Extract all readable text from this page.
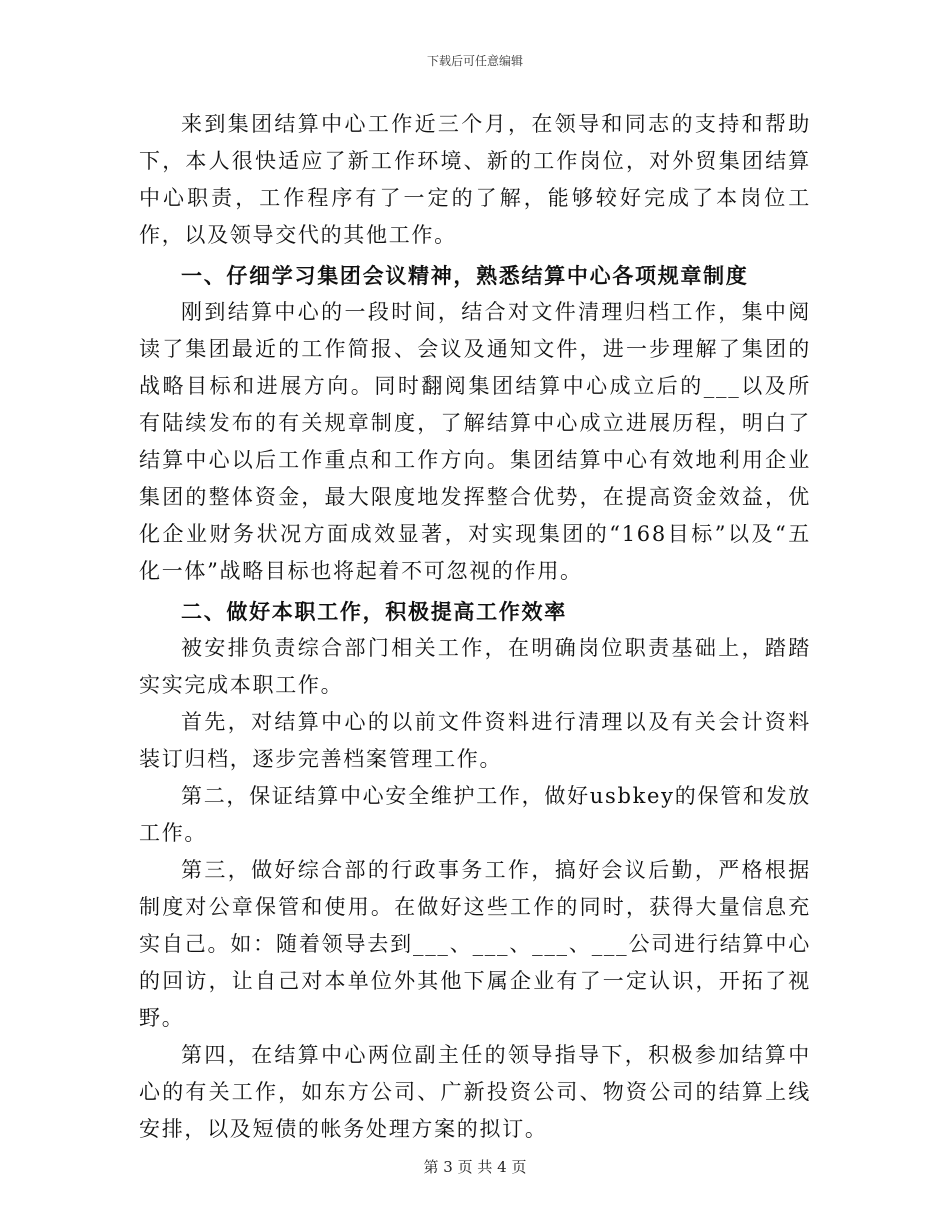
下载后可任意编辑

来到集团结算中心工作近三个月，在领导和同志的支持和帮助下，本人很快适应了新工作环境、新的工作岗位，对外贸集团结算中心职责，工作程序有了一定的了解，能够较好完成了本岗位工作，以及领导交代的其他工作。

一、仔细学习集团会议精神，熟悉结算中心各项规章制度

刚到结算中心的一段时间，结合对文件清理归档工作，集中阅读了集团最近的工作简报、会议及通知文件，进一步理解了集团的战略目标和进展方向。同时翻阅集团结算中心成立后的___以及所有陆续发布的有关规章制度，了解结算中心成立进展历程，明白了结算中心以后工作重点和工作方向。集团结算中心有效地利用企业集团的整体资金，最大限度地发挥整合优势，在提高资金效益，优化企业财务状况方面成效显著，对实现集团的“168目标”以及“五化一体”战略目标也将起着不可忽视的作用。

二、做好本职工作，积极提高工作效率

被安排负责综合部门相关工作，在明确岗位职责基础上，踏踏实实完成本职工作。

首先，对结算中心的以前文件资料进行清理以及有关会计资料装订归档，逐步完善档案管理工作。

第二，保证结算中心安全维护工作，做好usbkey的保管和发放工作。

第三，做好综合部的行政事务工作，搞好会议后勤，严格根据制度对公章保管和使用。在做好这些工作的同时，获得大量信息充实自己。如：随着领导去到___、___、___、___公司进行结算中心的回访，让自己对本单位外其他下属企业有了一定认识，开拓了视野。

第四，在结算中心两位副主任的领导指导下，积极参加结算中心的有关工作，如东方公司、广新投资公司、物资公司的结算上线安排，以及短债的帐务处理方案的拟订。

第 3 页 共 4 页
